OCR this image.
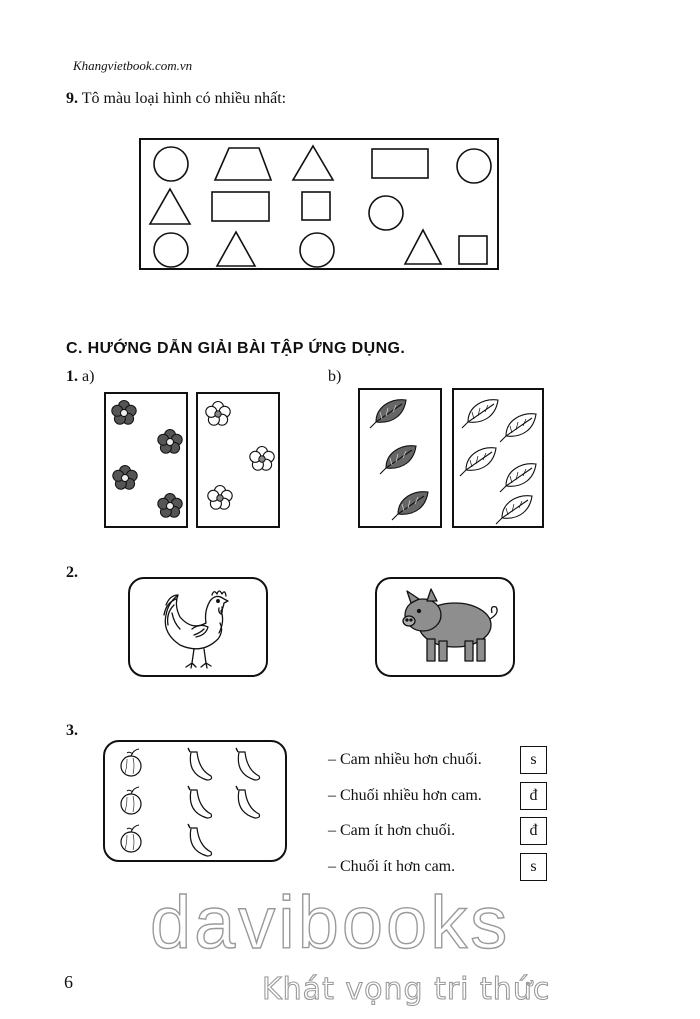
Khangvietbook.com.vn
9. Tô màu loại hình có nhiều nhất:
C. HƯỚNG DẪN GIẢI BÀI TẬP ỨNG DỤNG.
1. a)	b)
2.
3.
– Cam nhiều hơn chuối.	s
– Chuối nhiều hơn cam.	đ
– Cam ít hơn chuối.	đ
– Chuối ít hơn cam.	s
davibooks
Khát vọng tri thức
6
